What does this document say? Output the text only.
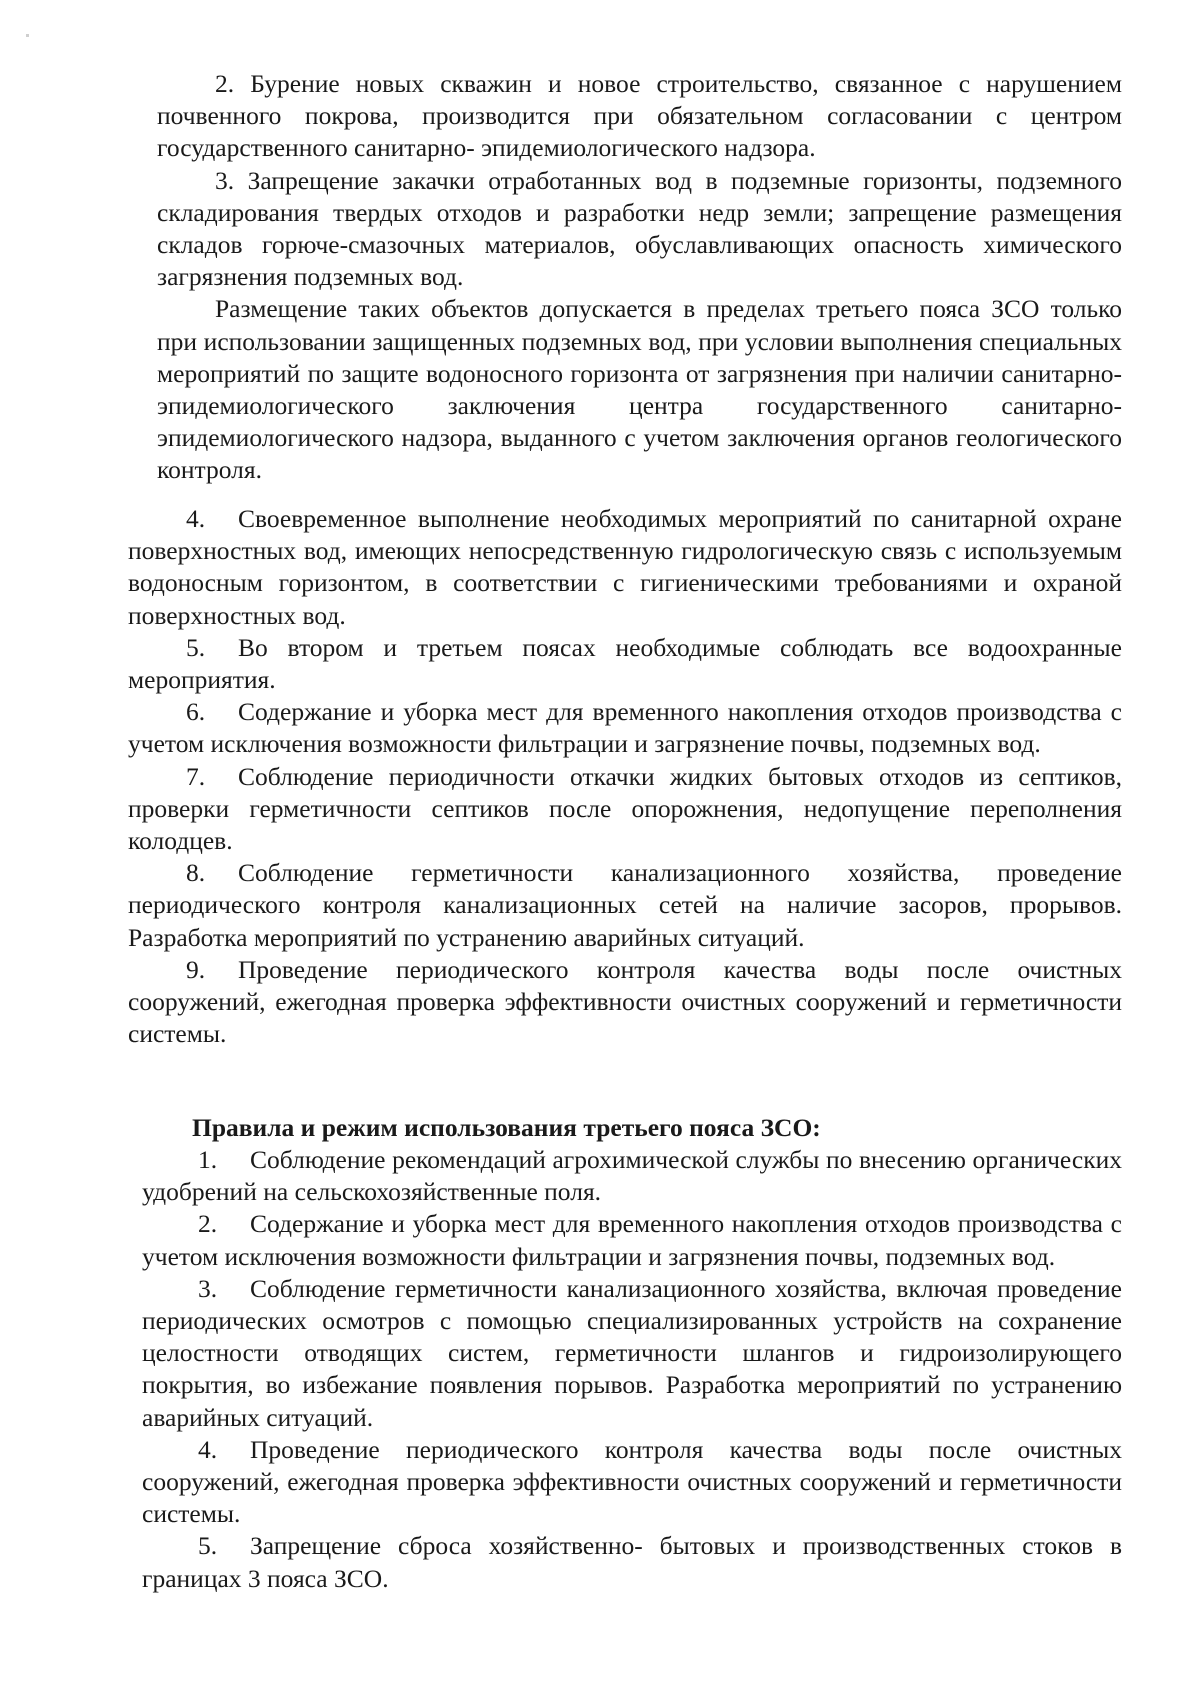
2. Бурение новых скважин и новое строительство, связанное с нарушением почвенного покрова, производится при обязательном согласовании с центром государственного санитарно- эпидемиологического надзора.

3. Запрещение закачки отработанных вод в подземные горизонты, подземного складирования твердых отходов и разработки недр земли; запрещение размещения складов горюче-смазочных материалов, обуславливающих опасность химического загрязнения подземных вод.

Размещение таких объектов допускается в пределах третьего пояса ЗСО только при использовании защищенных подземных вод, при условии выполнения специальных мероприятий по защите водоносного горизонта от загрязнения при наличии санитарно-эпидемиологического заключения центра государственного санитарно-эпидемиологического надзора, выданного с учетом заключения органов геологического контроля.

4. Своевременное выполнение необходимых мероприятий по санитарной охране поверхностных вод, имеющих непосредственную гидрологическую связь с используемым водоносным горизонтом, в соответствии с гигиеническими требованиями и охраной поверхностных вод.

5. Во втором и третьем поясах необходимые соблюдать все водоохранные мероприятия.

6. Содержание и уборка мест для временного накопления отходов производства с учетом исключения возможности фильтрации и загрязнение почвы, подземных вод.

7. Соблюдение периодичности откачки жидких бытовых отходов из септиков, проверки герметичности септиков после опорожнения, недопущение переполнения колодцев.

8. Соблюдение герметичности канализационного хозяйства, проведение периодического контроля канализационных сетей на наличие засоров, прорывов. Разработка мероприятий по устранению аварийных ситуаций.

9. Проведение периодического контроля качества воды после очистных сооружений, ежегодная проверка эффективности очистных сооружений и герметичности системы.

Правила и режим использования третьего пояса ЗСО:

1. Соблюдение рекомендаций агрохимической службы по внесению органических удобрений на сельскохозяйственные поля.

2. Содержание и уборка мест для временного накопления отходов производства с учетом исключения возможности фильтрации и загрязнения почвы, подземных вод.

3. Соблюдение герметичности канализационного хозяйства, включая проведение периодических осмотров с помощью специализированных устройств на сохранение целостности отводящих систем, герметичности шлангов и гидроизолирующего покрытия, во избежание появления порывов. Разработка мероприятий по устранению аварийных ситуаций.

4. Проведение периодического контроля качества воды после очистных сооружений, ежегодная проверка эффективности очистных сооружений и герметичности системы.

5. Запрещение сброса хозяйственно- бытовых и производственных стоков в границах 3 пояса ЗСО.
